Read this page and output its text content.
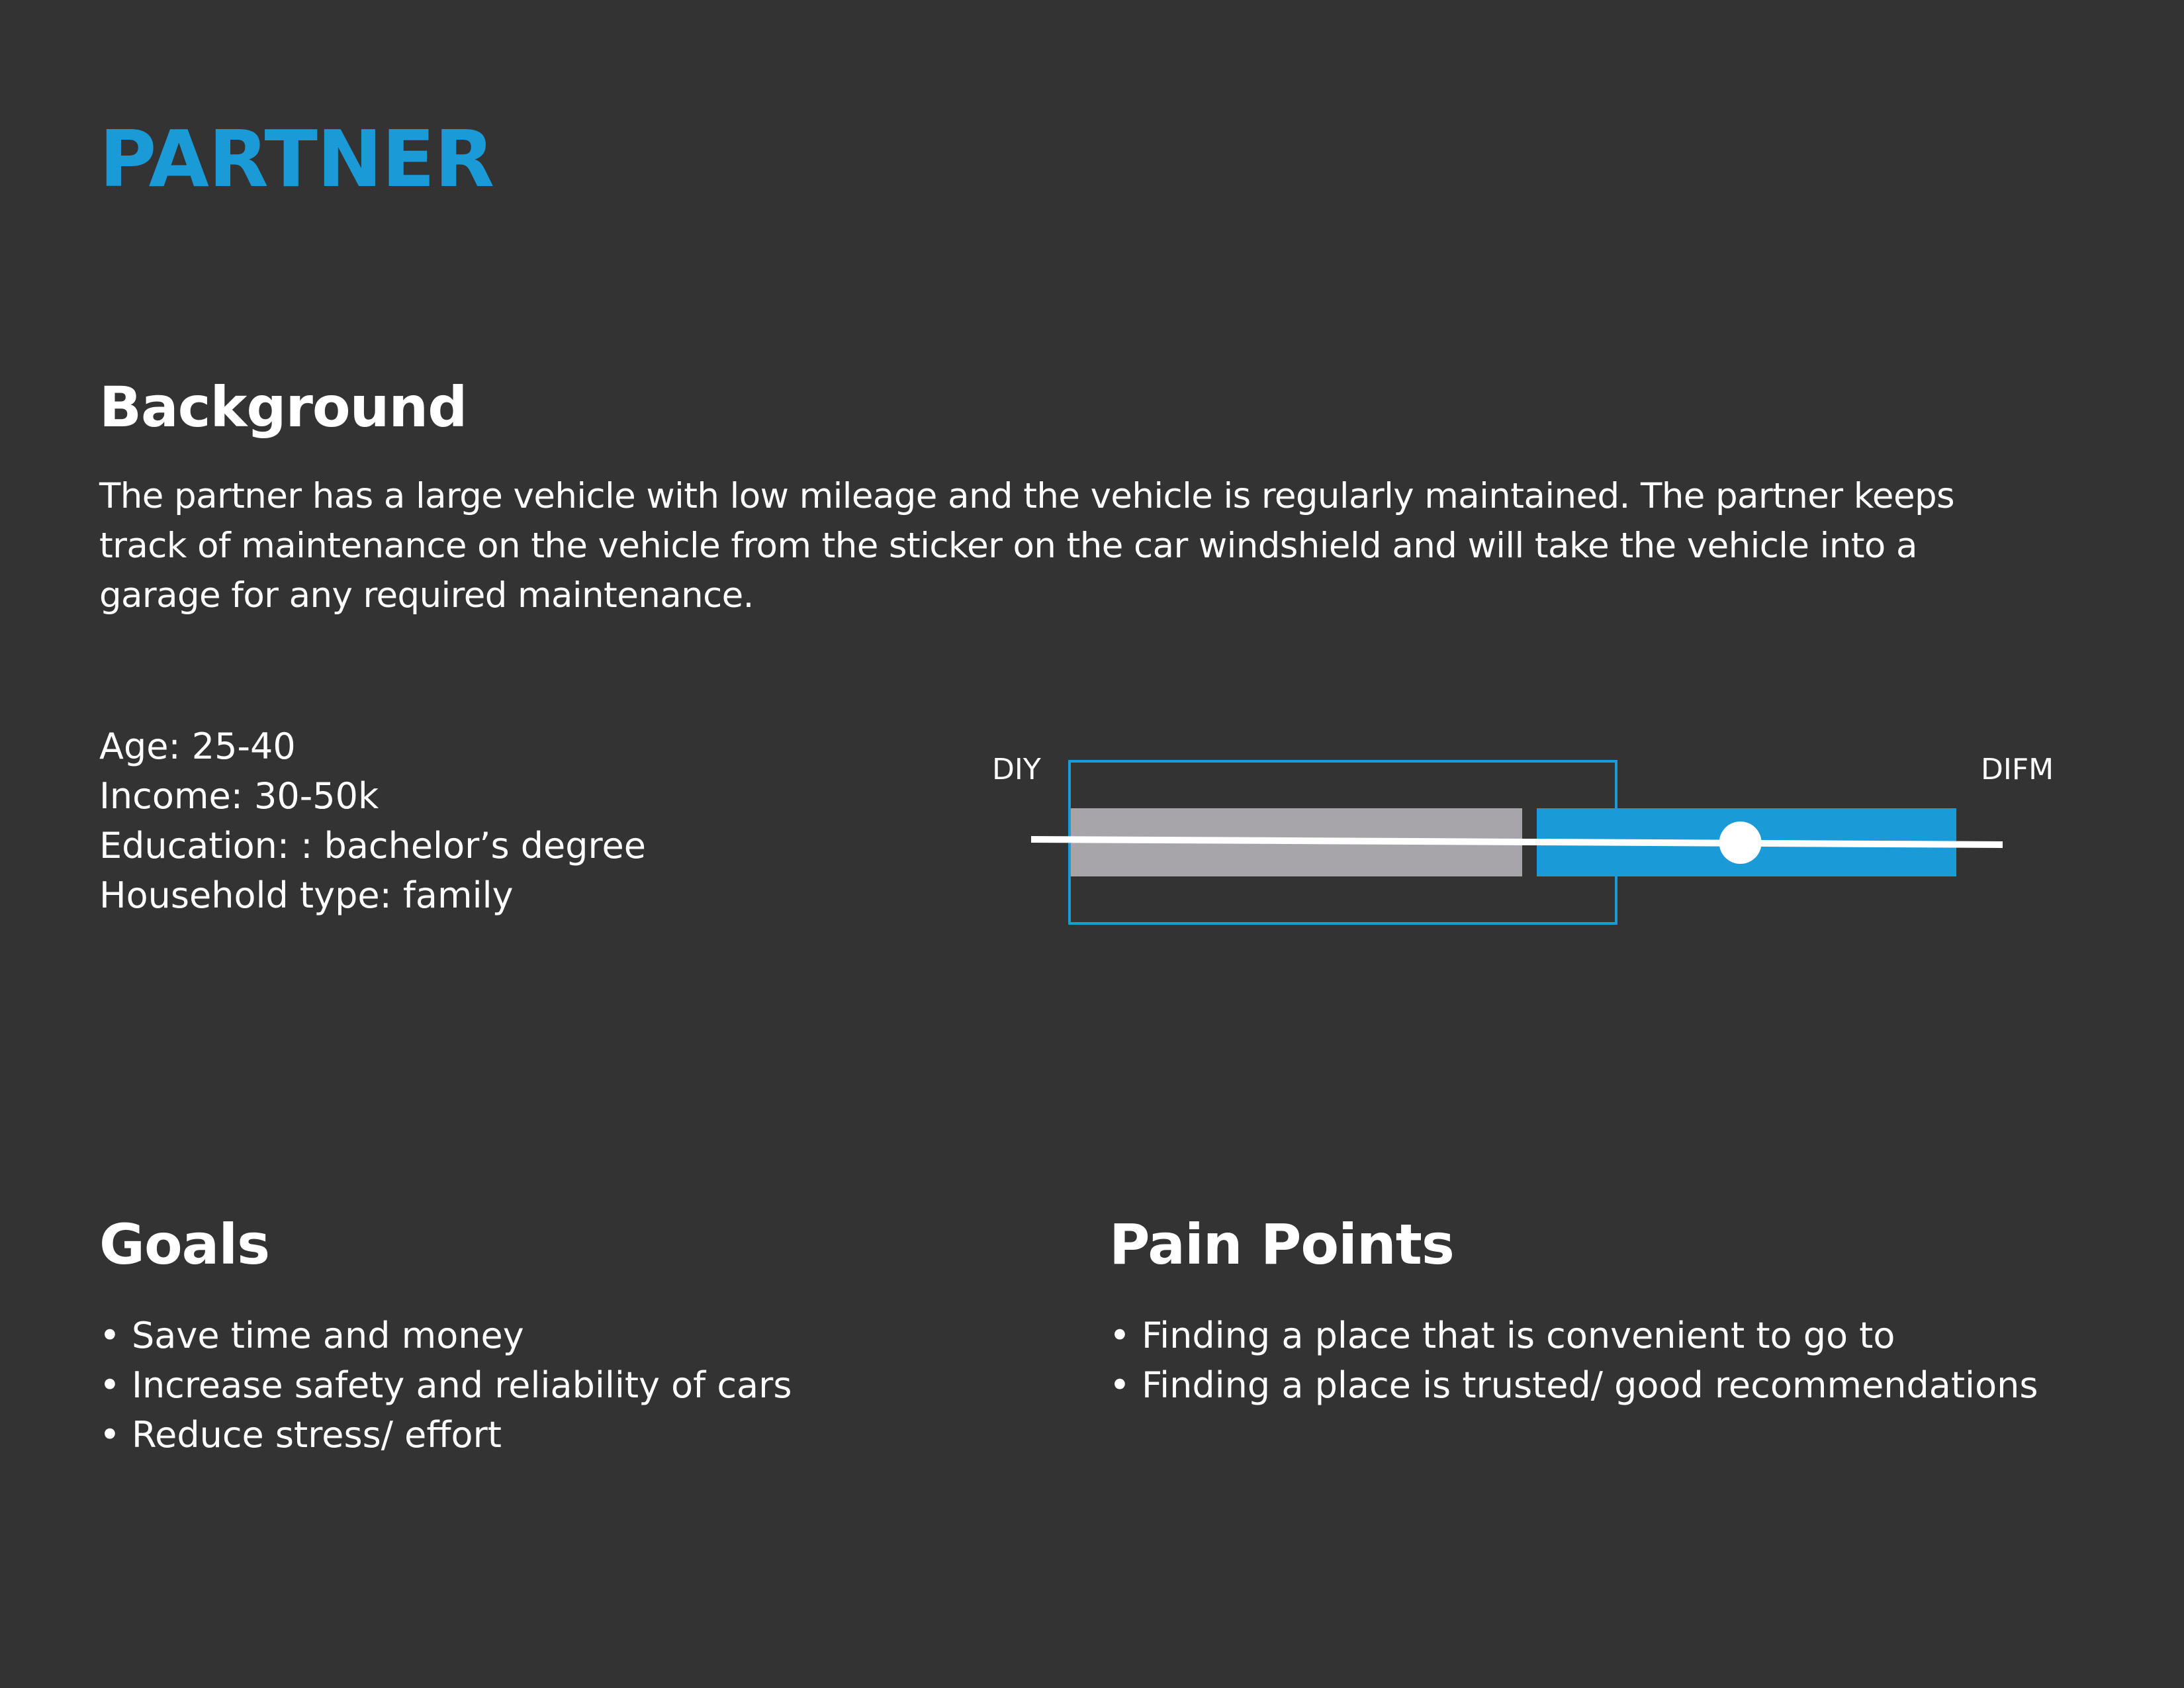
PARTNER
Background
The partner has a large vehicle with low mileage and the vehicle is regularly maintained. The partner keeps
track of maintenance on the vehicle from the sticker on the car windshield and will take the vehicle into a
garage for any required maintenance.
Age: 25-40
Income: 30-50k
Education: : bachelor’s degree
Household type: family
DIY	DIFM
Goals
• Save time and money
• Increase safety and reliability of cars
• Reduce stress/ effort
Pain Points
• Finding a place that is convenient to go to
• Finding a place is trusted/ good recommendations
